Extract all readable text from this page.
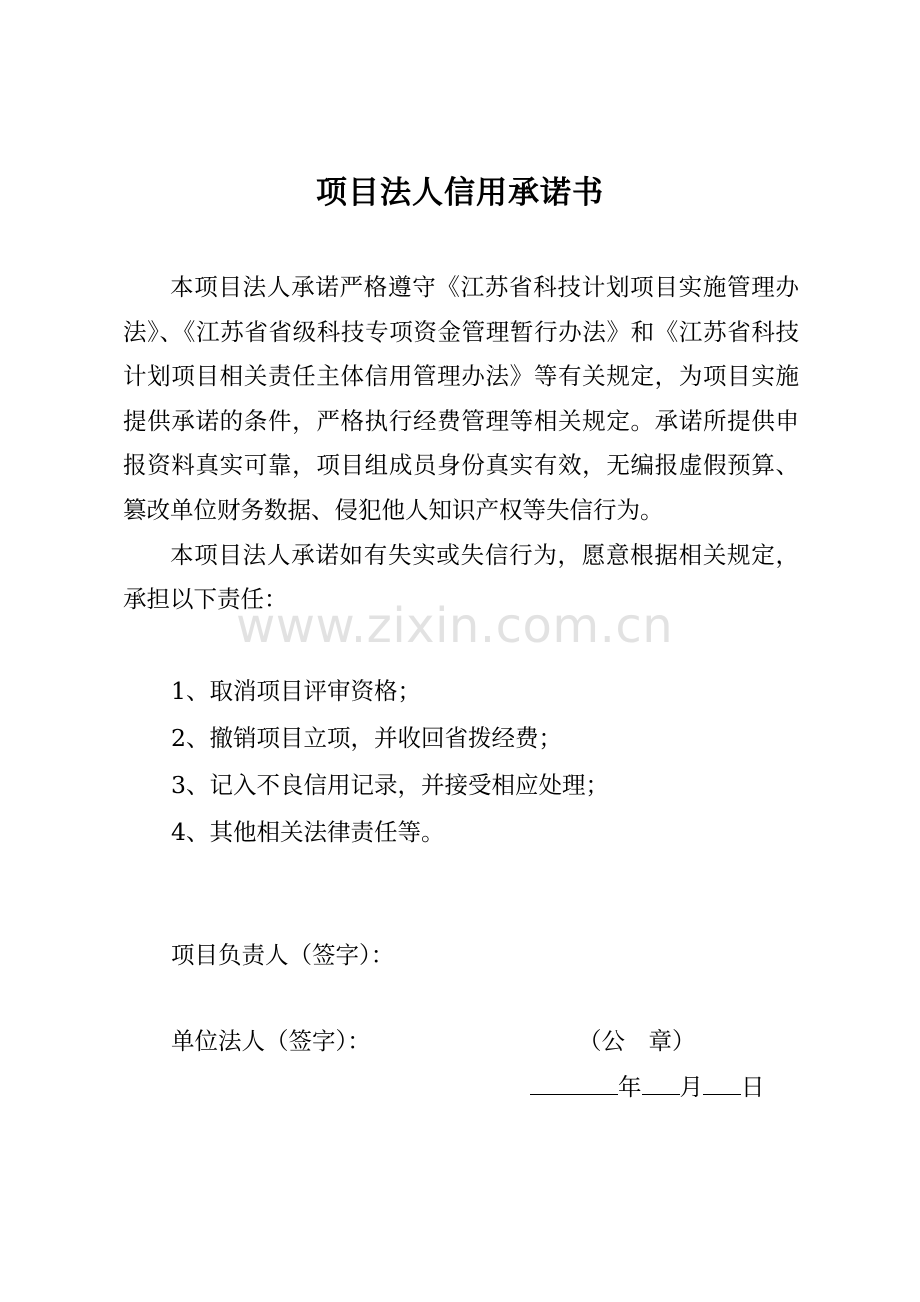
项目法人信用承诺书

本项目法人承诺严格遵守《江苏省科技计划项目实施管理办法》、《江苏省省级科技专项资金管理暂行办法》和《江苏省科技计划项目相关责任主体信用管理办法》等有关规定，为项目实施提供承诺的条件，严格执行经费管理等相关规定。承诺所提供申报资料真实可靠，项目组成员身份真实有效，无编报虚假预算、篡改单位财务数据、侵犯他人知识产权等失信行为。

本项目法人承诺如有失实或失信行为，愿意根据相关规定，承担以下责任：

1、取消项目评审资格；
2、撤销项目立项，并收回省拨经费；
3、记入不良信用记录，并接受相应处理；
4、其他相关法律责任等。
项目负责人（签字）：
单位法人（签字）：	（公　章）
年 月 日
www.zixin.com.cn
